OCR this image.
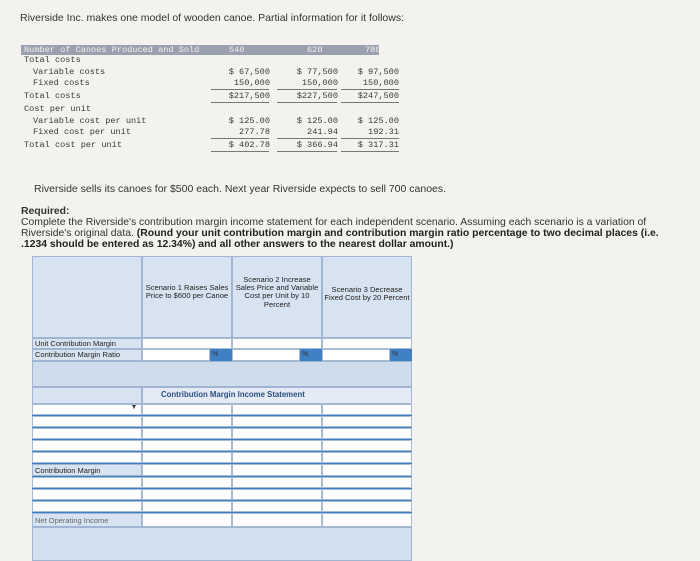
Riverside Inc. makes one model of wooden canoe. Partial information for it follows:
Number of Canoes Produced and Sold	540	620	780
Total costs
Variable costs	$ 67,500	$ 77,500	$ 97,500
Fixed costs	150,000	150,000	150,000
Total costs	$217,500	$227,500	$247,500
Cost per unit
Variable cost per unit	$ 125.00	$ 125.00	$ 125.00
Fixed cost per unit	277.78	241.94	192.31
Total cost per unit	$ 402.78	$ 366.94	$ 317.31
Riverside sells its canoes for $500 each. Next year Riverside expects to sell 700 canoes.
Required:
Complete the Riverside's contribution margin income statement for each independent scenario. Assuming each scenario is a variation of Riverside's original data. (Round your unit contribution margin and contribution margin ratio percentage to two decimal places (i.e. .1234 should be entered as 12.34%) and all other answers to the nearest dollar amount.)
Scenario 1 Raises Sales Price to $600 per Canoe
Scenario 2 Increase Sales Price and Variable Cost per Unit by 10 Percent
Scenario 3 Decrease Fixed Cost by 20 Percent
Unit Contribution Margin
Contribution Margin Ratio	%	%	%
Contribution Margin Income Statement
▼
Contribution Margin
Net Operating Income
